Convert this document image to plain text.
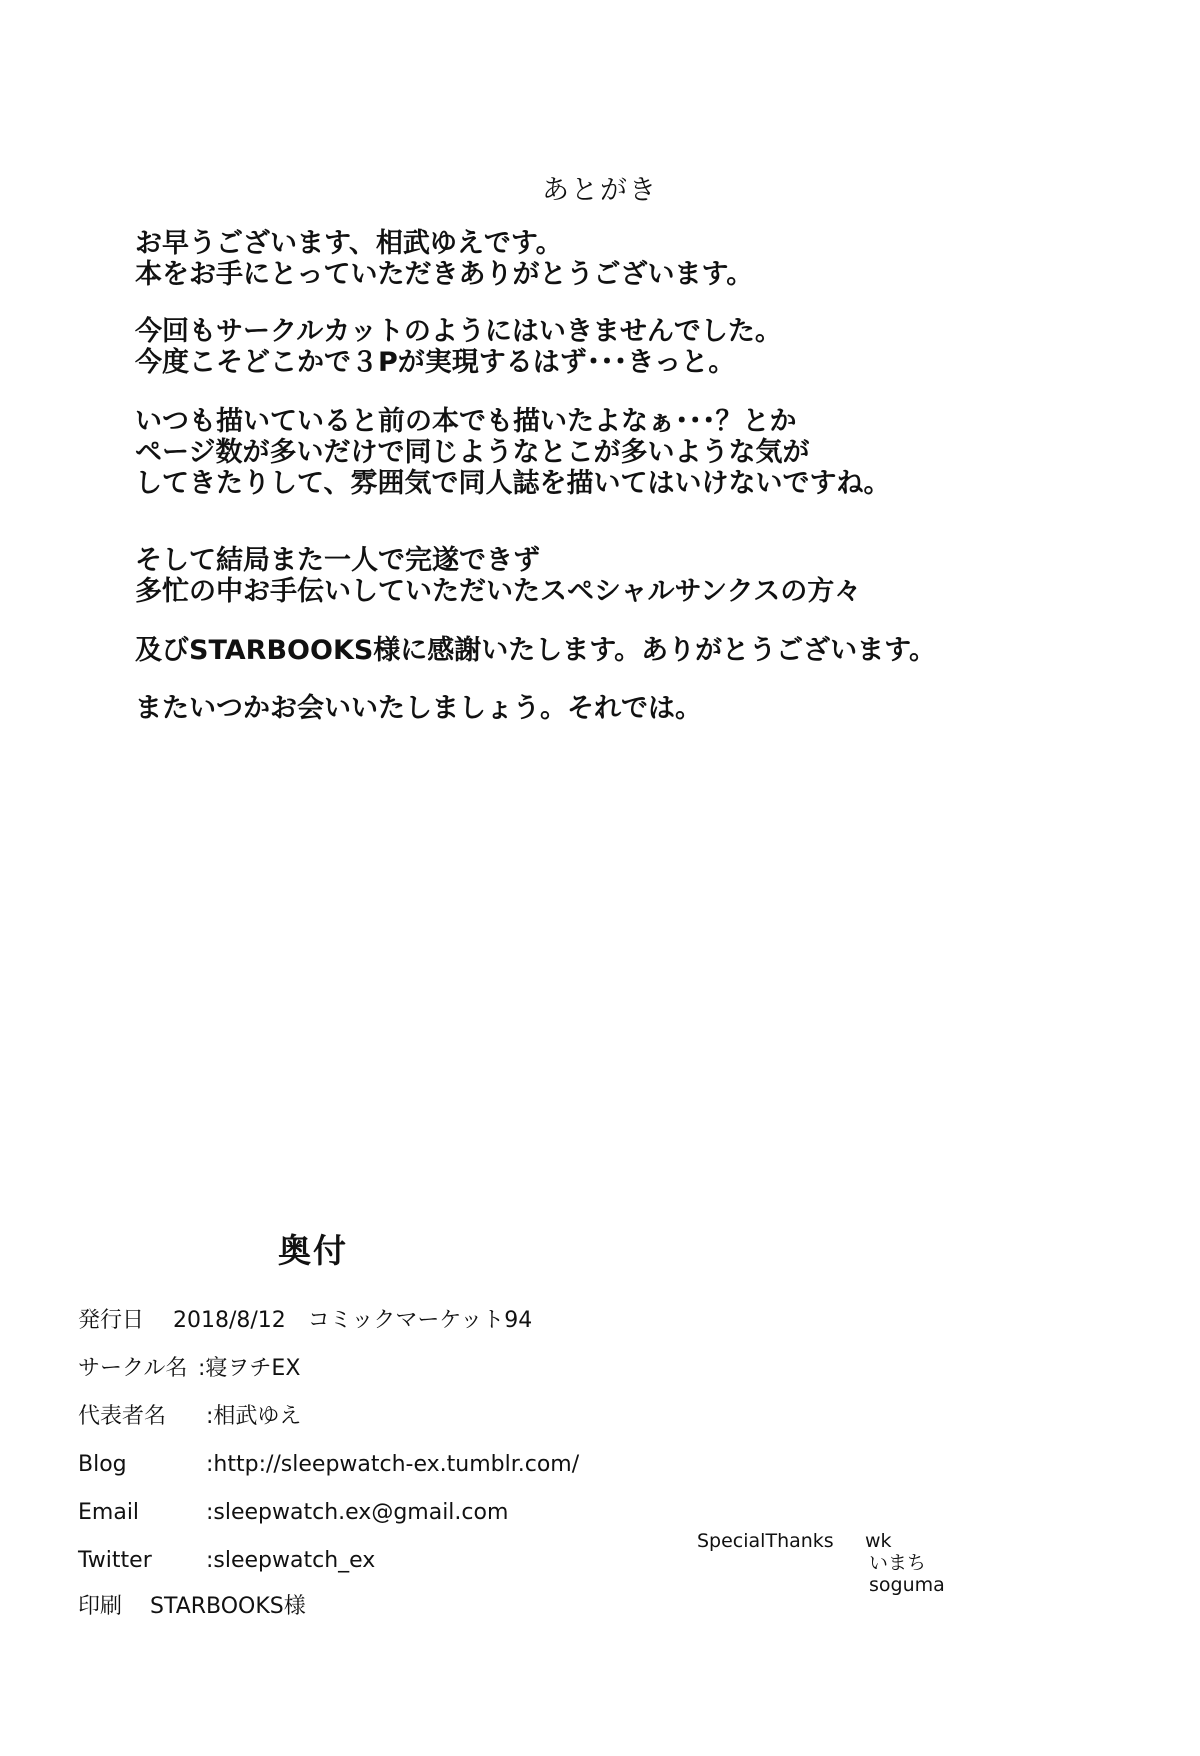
あとがき
お早うございます、相武ゆえです。
本をお手にとっていただきありがとうございます。
今回もサークルカットのようにはいきませんでした。
今度こそどこかで３Pが実現するはず･･･きっと。
いつも描いていると前の本でも描いたよなぁ･･･？とか
ページ数が多いだけで同じようなとこが多いような気が
してきたりして、雰囲気で同人誌を描いてはいけないですね。
そして結局また一人で完遂できず
多忙の中お手伝いしていただいたスペシャルサンクスの方々
及びSTARBOOKS様に感謝いたします。ありがとうございます。
またいつかお会いいたしましょう。それでは。
奥付
発行日 2018/8/12　コミックマーケット94
サークル名 :寝ヲチEX
代表者名 :相武ゆえ
Blog	:http://sleepwatch-ex.tumblr.com/
Email	:sleepwatch.ex@gmail.com
Twitter :sleepwatch_ex
印刷 STARBOOKS様
SpecialThanks wk
いまち
soguma
